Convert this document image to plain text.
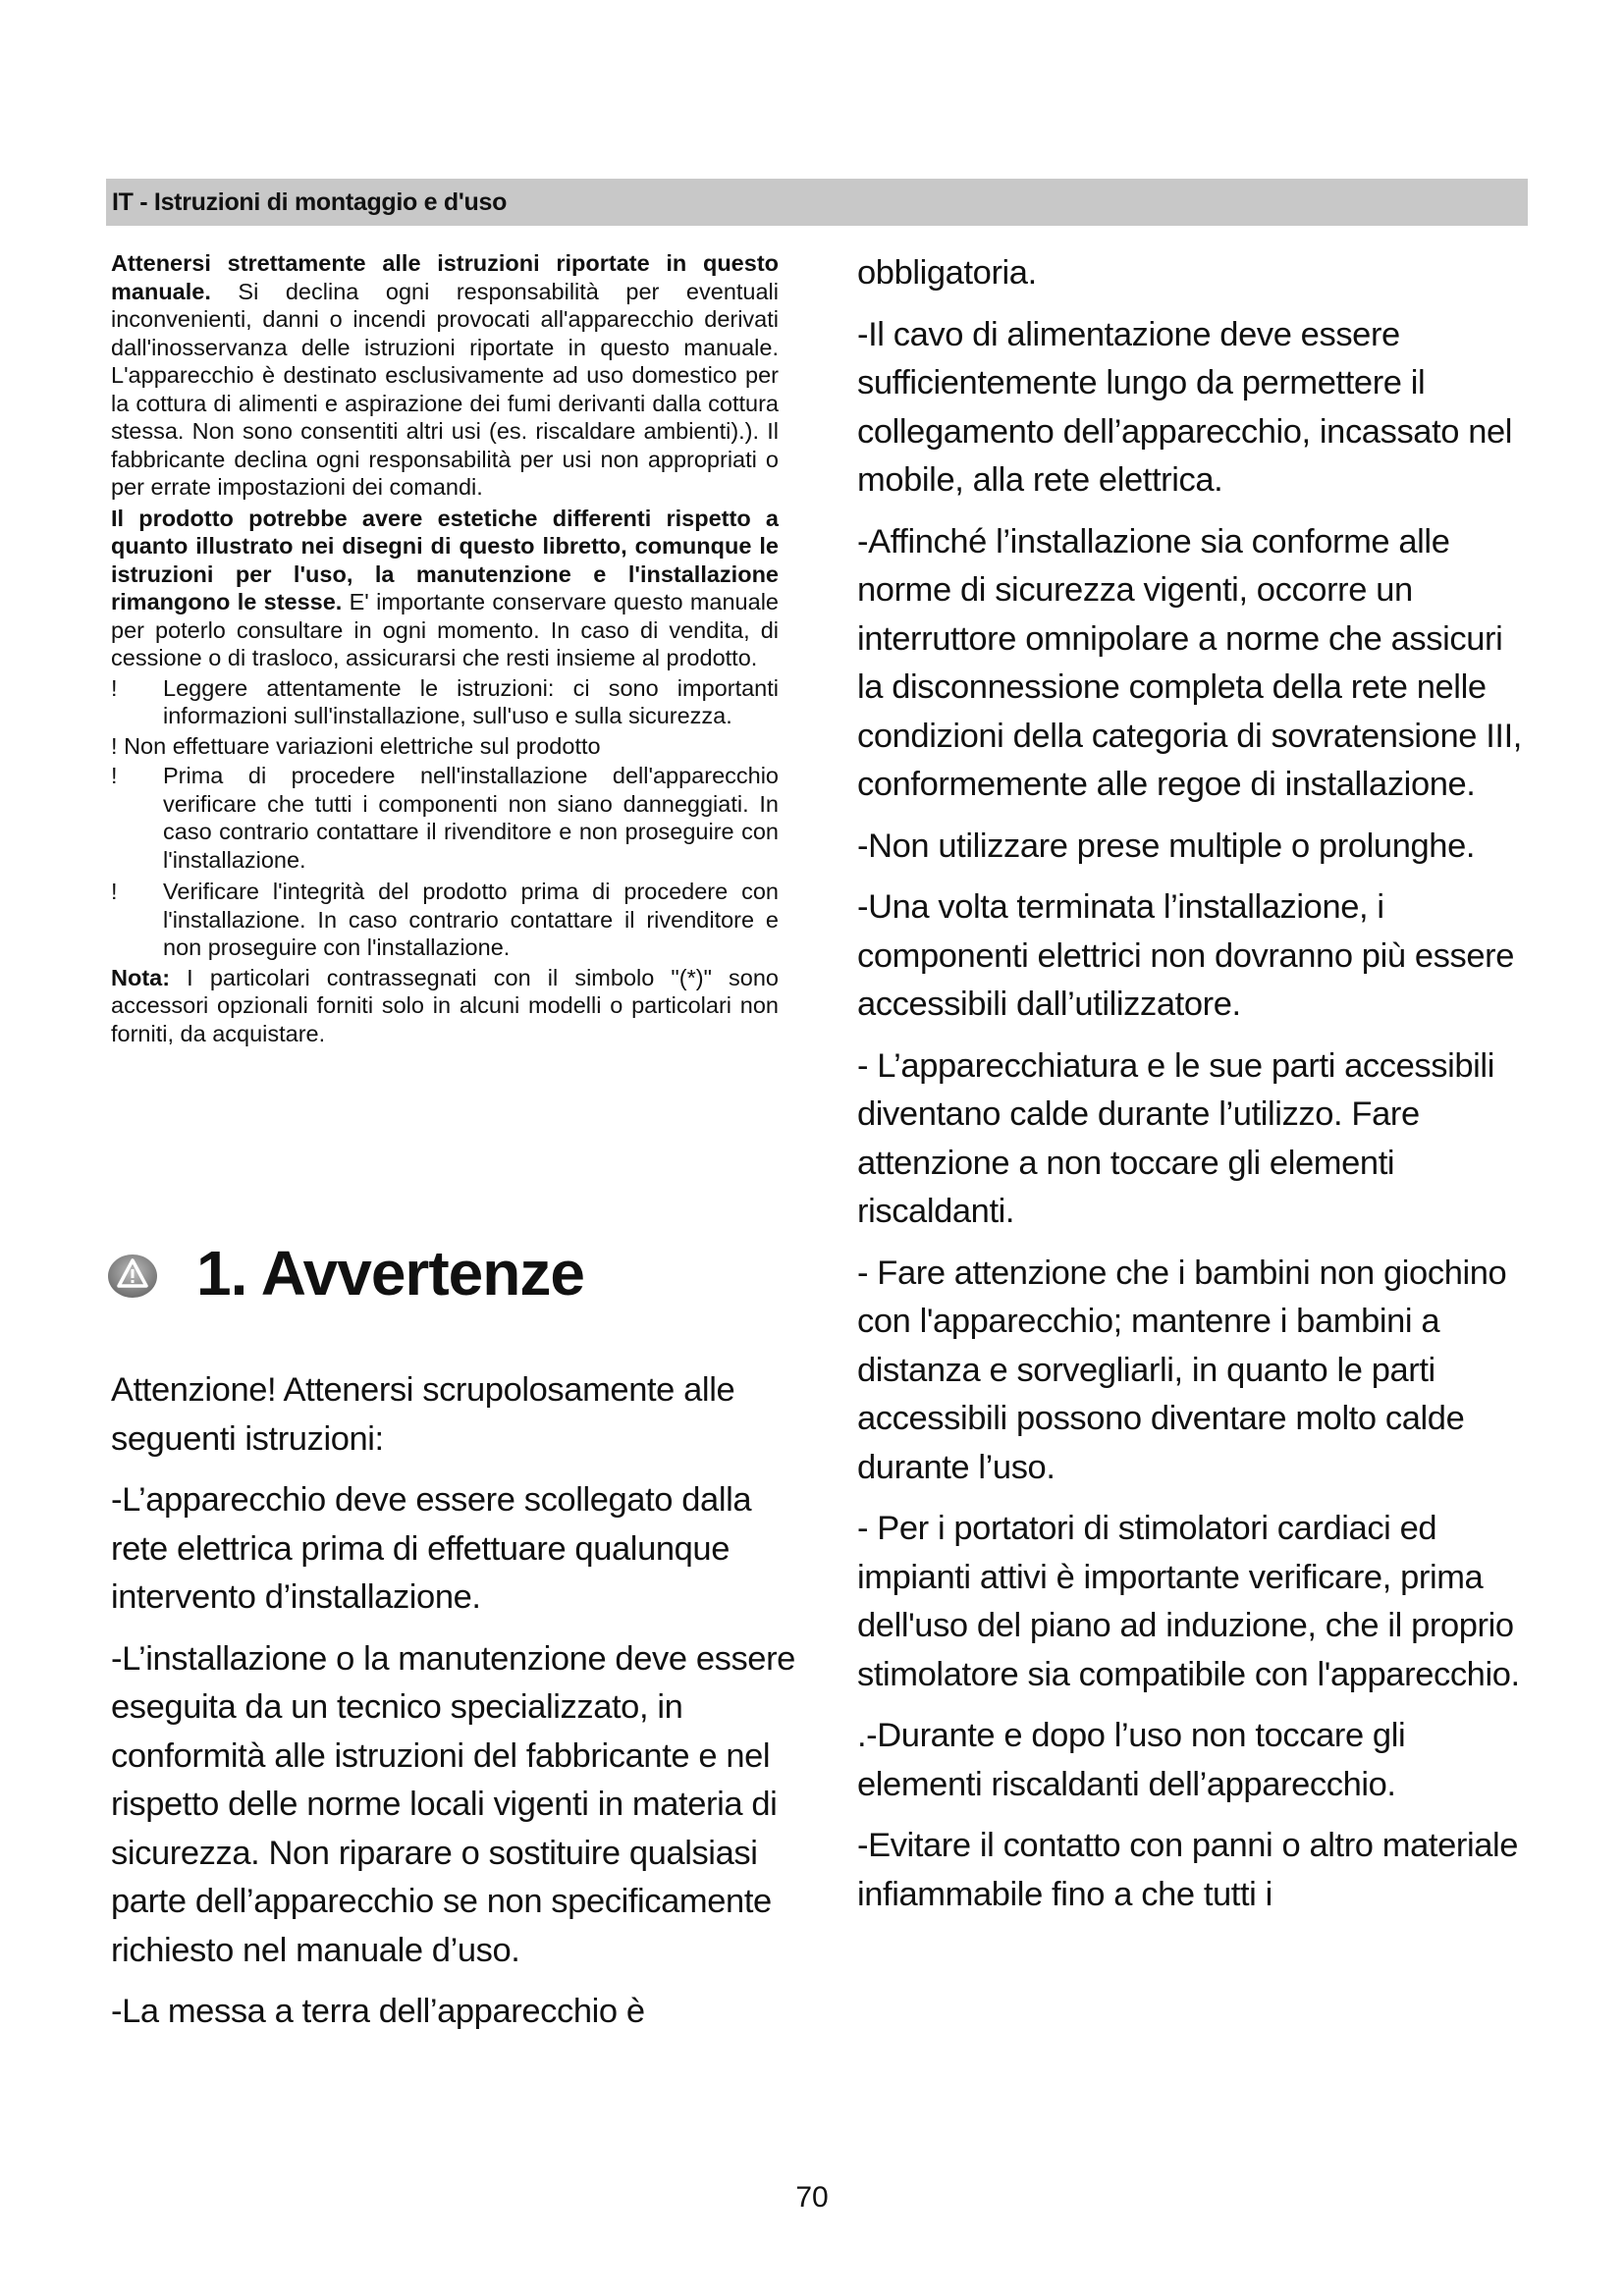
IT - Istruzioni di montaggio e d'uso
Attenersi strettamente alle istruzioni riportate in questo manuale. Si declina ogni responsabilità per eventuali inconvenienti, danni o incendi provocati all'apparecchio derivati dall'inosservanza delle istruzioni riportate in questo manuale. L'apparecchio è destinato esclusivamente ad uso domestico per la cottura di alimenti e aspirazione dei fumi derivanti dalla cottura stessa. Non sono consentiti altri usi (es. riscaldare ambienti).). Il fabbricante declina ogni responsabilità per usi non appropriati o per errate impostazioni dei comandi.
Il prodotto potrebbe avere estetiche differenti rispetto a quanto illustrato nei disegni di questo libretto, comunque le istruzioni per l'uso, la manutenzione e l'installazione rimangono le stesse. E' importante conservare questo manuale per poterlo consultare in ogni momento. In caso di vendita, di cessione o di trasloco, assicurarsi che resti insieme al prodotto.
! Leggere attentamente le istruzioni: ci sono importanti informazioni sull'installazione, sull'uso e sulla sicurezza.
! Non effettuare variazioni elettriche sul prodotto
! Prima di procedere nell'installazione dell'apparecchio verificare che tutti i componenti non siano danneggiati. In caso contrario contattare il rivenditore e non proseguire con l'installazione.
! Verificare l'integrità del prodotto prima di procedere con l'installazione. In caso contrario contattare il rivenditore e non proseguire con l'installazione.
Nota: I particolari contrassegnati con il simbolo "(*)" sono accessori opzionali forniti solo in alcuni modelli o particolari non forniti, da acquistare.
1. Avvertenze

Attenzione! Attenersi scrupolosamente alle seguenti istruzioni:

-L’apparecchio deve essere scollegato dalla rete elettrica prima di effettuare qualunque intervento d’installazione.

-L’installazione o la manutenzione deve essere eseguita da un tecnico specializzato, in conformità alle istruzioni del fabbricante e nel rispetto delle norme locali vigenti in materia di sicurezza. Non riparare o sostituire qualsiasi parte dell’apparecchio se non specificamente richiesto nel manuale d’uso.

-La messa a terra dell’apparecchio è

obbligatoria.

-Il cavo di alimentazione deve essere sufficientemente lungo da permettere il collegamento dell’apparecchio, incassato nel mobile, alla rete elettrica.

-Affinché l’installazione sia conforme alle norme di sicurezza vigenti, occorre un interruttore omnipolare a norme che assicuri la disconnessione completa della rete nelle condizioni della categoria di sovratensione III, conformemente alle regoe di installazione.

-Non utilizzare prese multiple o prolunghe.

-Una volta terminata l’installazione, i componenti elettrici non dovranno più essere accessibili dall’utilizzatore.

- L’apparecchiatura e le sue parti accessibili diventano calde durante l’utilizzo. Fare attenzione a non toccare gli elementi riscaldanti.

- Fare attenzione che i bambini non giochino con l'apparecchio; mantenre i bambini a distanza e sorvegliarli, in quanto le parti accessibili possono diventare molto calde durante l’uso.

- Per i portatori di stimolatori cardiaci ed impianti attivi è importante verificare, prima dell'uso del piano ad induzione, che il proprio stimolatore sia compatibile con l'apparecchio.

.-Durante e dopo l’uso non toccare gli elementi riscaldanti dell’apparecchio.

-Evitare il contatto con panni o altro materiale infiammabile fino a che tutti i

70
